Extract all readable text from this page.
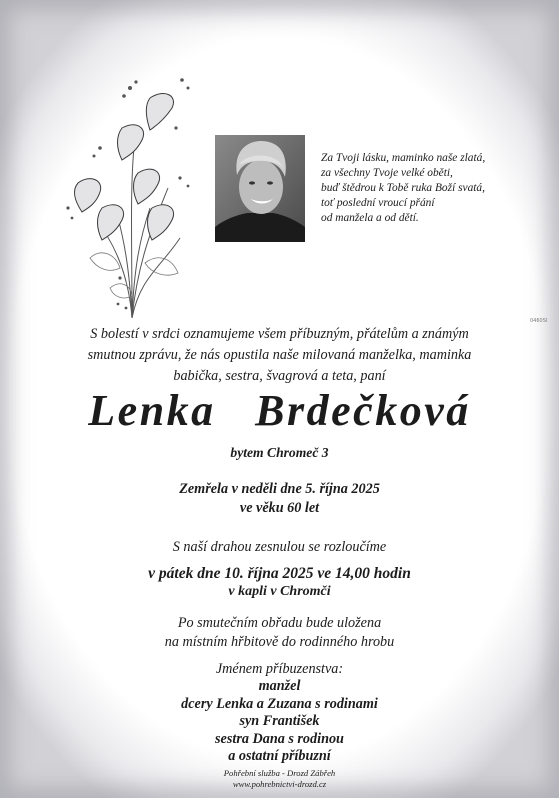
Za Tvoji lásku, maminko naše zlatá,
za všechny Tvoje velké oběti,
buď štědrou k Tobě ruka Boží svatá,
toť poslední vroucí přání
od manžela a od dětí.
0460SI
S bolestí v srdci oznamujeme všem příbuzným, přátelům a známým
smutnou zprávu, že nás opustila naše milovaná manželka, maminka
babička, sestra, švagrová a teta, paní
Lenka Brdečková
bytem Chromeč 3
Zemřela v neděli dne 5. října 2025
ve věku 60 let
S naší drahou zesnulou se rozloučíme
v pátek dne 10. října 2025 ve 14,00 hodin
v kapli v Chromči
Po smutečním obřadu bude uložena
na místním hřbitově do rodinného hrobu
Jménem příbuzenstva:
manžel
dcery Lenka a Zuzana s rodinami
syn František
sestra Dana s rodinou
a ostatní příbuzní
Pohřební služba - Drozd Zábřeh
www.pohrebnictvi-drozd.cz
